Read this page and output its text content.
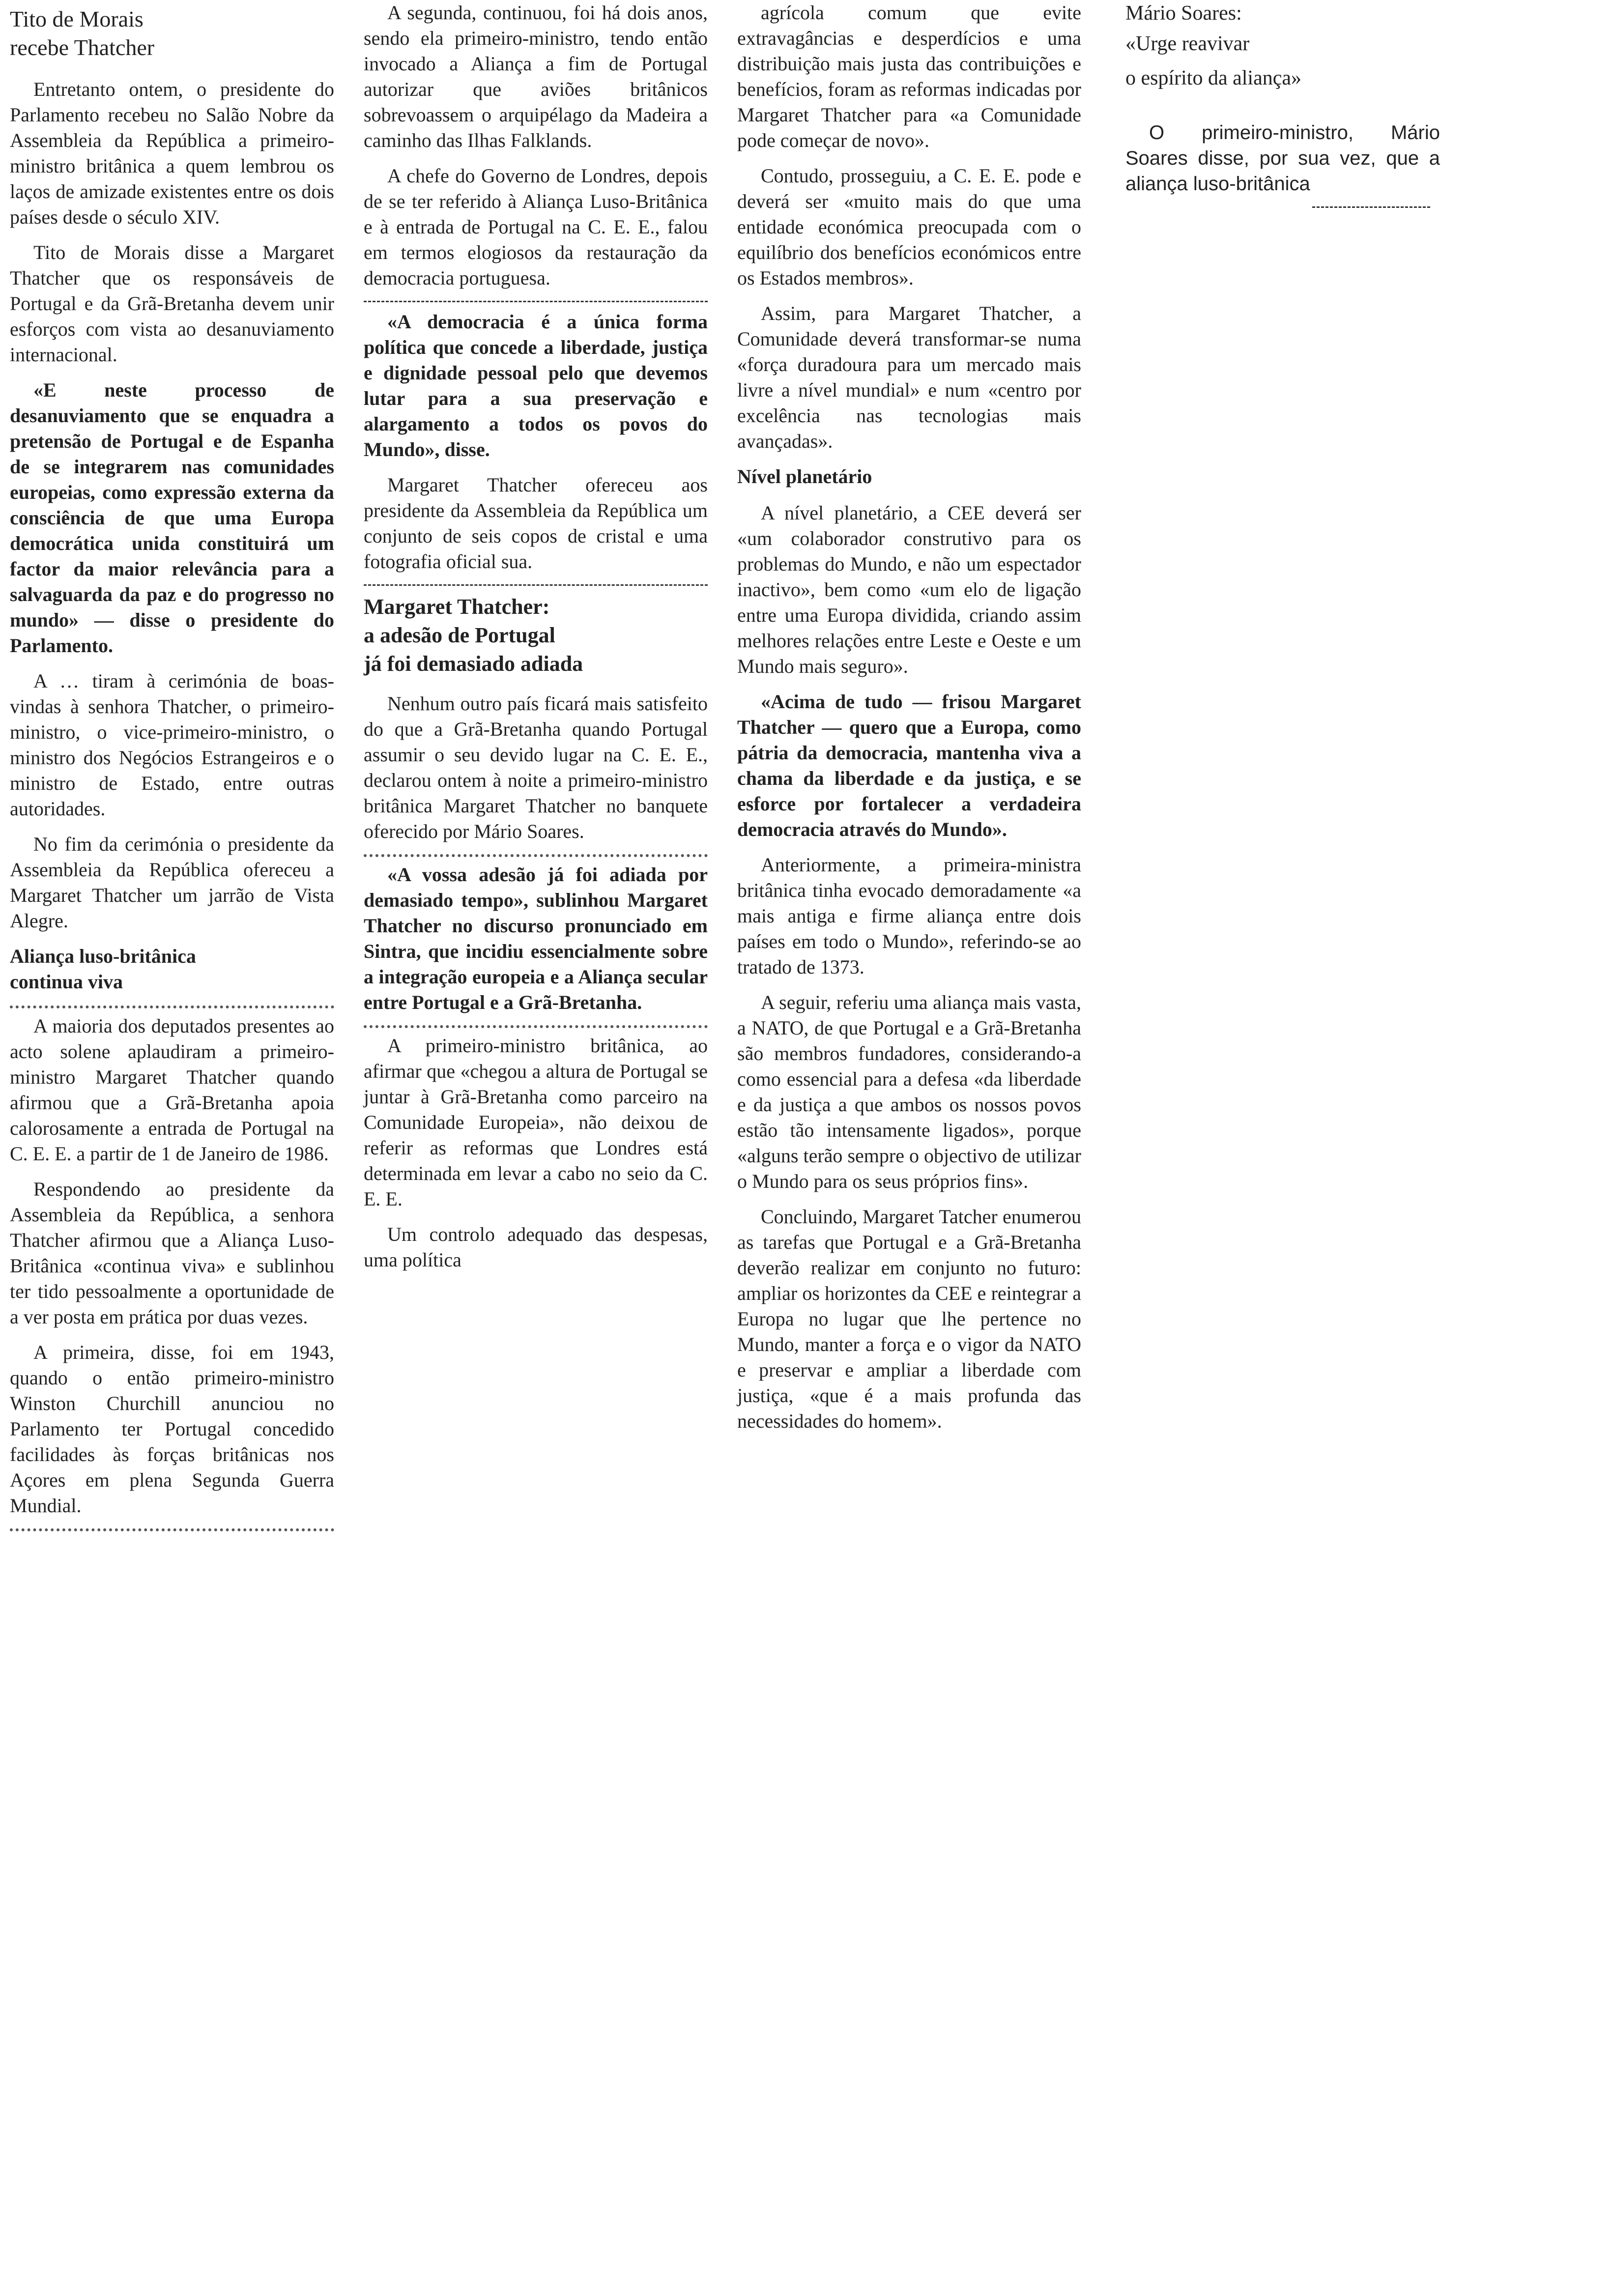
Tito de Morais
recebe Thatcher

Entretanto ontem, o presidente do Parlamento recebeu no Salão Nobre da Assembleia da República a primeiro-ministro britânica a quem lembrou os laços de amizade existentes entre os dois países desde o século XIV.

Tito de Morais disse a Margaret Thatcher que os responsáveis de Portugal e da Grã-Bretanha devem unir esforços com vista ao desanuviamento internacional.

«E neste processo de desanuviamento que se enquadra a pretensão de Portugal e de Espanha de se integrarem nas comunidades europeias, como expressão externa da consciência de que uma Europa democrática unida constituirá um factor da maior relevância para a salvaguarda da paz e do progresso no mundo» — disse o presidente do Parlamento.

A … tiram à cerimónia de boas-vindas à senhora Thatcher, o primeiro-ministro, o vice-primeiro-ministro, o ministro dos Negócios Estrangeiros e o ministro de Estado, entre outras autoridades.

No fim da cerimónia o presidente da Assembleia da República ofereceu a Margaret Thatcher um jarrão de Vista Alegre.

Aliança luso-britânica
continua viva

A maioria dos deputados presentes ao acto solene aplaudiram a primeiro-ministro Margaret Thatcher quando afirmou que a Grã-Bretanha apoia calorosamente a entrada de Portugal na C. E. E. a partir de 1 de Janeiro de 1986.

Respondendo ao presidente da Assembleia da República, a senhora Thatcher afirmou que a Aliança Luso-Britânica «continua viva» e sublinhou ter tido pessoalmente a oportunidade de a ver posta em prática por duas vezes.

A primeira, disse, foi em 1943, quando o então primeiro-ministro Winston Churchill anunciou no Parlamento ter Portugal concedido facilidades às forças britânicas nos Açores em plena Segunda Guerra Mundial.

A segunda, continuou, foi há dois anos, sendo ela primeiro-ministro, tendo então invocado a Aliança a fim de Portugal autorizar que aviões britânicos sobrevoassem o arquipélago da Madeira a caminho das Ilhas Falklands.

A chefe do Governo de Londres, depois de se ter referido à Aliança Luso-Britânica e à entrada de Portugal na C. E. E., falou em termos elogiosos da restauração da democracia portuguesa.

«A democracia é a única forma política que concede a liberdade, justiça e dignidade pessoal pelo que devemos lutar para a sua preservação e alargamento a todos os povos do Mundo», disse.

Margaret Thatcher ofereceu aos presidente da Assembleia da República um conjunto de seis copos de cristal e uma fotografia oficial sua.

Margaret Thatcher:
a adesão de Portugal
já foi demasiado adiada

Nenhum outro país ficará mais satisfeito do que a Grã-Bretanha quando Portugal assumir o seu devido lugar na C. E. E., declarou ontem à noite a primeiro-ministro britânica Margaret Thatcher no banquete oferecido por Mário Soares.

«A vossa adesão já foi adiada por demasiado tempo», sublinhou Margaret Thatcher no discurso pronunciado em Sintra, que incidiu essencialmente sobre a integração europeia e a Aliança secular entre Portugal e a Grã-Bretanha.

A primeiro-ministro britânica, ao afirmar que «chegou a altura de Portugal se juntar à Grã-Bretanha como parceiro na Comunidade Europeia», não deixou de referir as reformas que Londres está determinada em levar a cabo no seio da C. E. E.

Um controlo adequado das despesas, uma política

agrícola comum que evite extravagâncias e desperdícios e uma distribuição mais justa das contribuições e benefícios, foram as reformas indicadas por Margaret Thatcher para «a Comunidade pode começar de novo».

Contudo, prosseguiu, a C. E. E. pode e deverá ser «muito mais do que uma entidade económica preocupada com o equilíbrio dos benefícios económicos entre os Estados membros».

Assim, para Margaret Thatcher, a Comunidade deverá transformar-se numa «força duradoura para um mercado mais livre a nível mundial» e num «centro por excelência nas tecnologias mais avançadas».

Nível planetário

A nível planetário, a CEE deverá ser «um colaborador construtivo para os problemas do Mundo, e não um espectador inactivo», bem como «um elo de ligação entre uma Europa dividida, criando assim melhores relações entre Leste e Oeste e um Mundo mais seguro».

«Acima de tudo — frisou Margaret Thatcher — quero que a Europa, como pátria da democracia, mantenha viva a chama da liberdade e da justiça, e se esforce por fortalecer a verdadeira democracia através do Mundo».

Anteriormente, a primeira-ministra britânica tinha evocado demoradamente «a mais antiga e firme aliança entre dois países em todo o Mundo», referindo-se ao tratado de 1373.

A seguir, referiu uma aliança mais vasta, a NATO, de que Portugal e a Grã-Bretanha são membros fundadores, considerando-a como essencial para a defesa «da liberdade e da justiça a que ambos os nossos povos estão tão intensamente ligados», porque «alguns terão sempre o objectivo de utilizar o Mundo para os seus próprios fins».

Concluindo, Margaret Tatcher enumerou as tarefas que Portugal e a Grã-Bretanha deverão realizar em conjunto no futuro: ampliar os horizontes da CEE e reintegrar a Europa no lugar que lhe pertence no Mundo, manter a força e o vigor da NATO e preservar e ampliar a liberdade com justiça, «que é a mais profunda das necessidades do homem».

Mário Soares:
«Urge reavivar
o espírito da aliança»

O primeiro-ministro, Mário Soares disse, por sua vez, que a aliança luso-britânica
